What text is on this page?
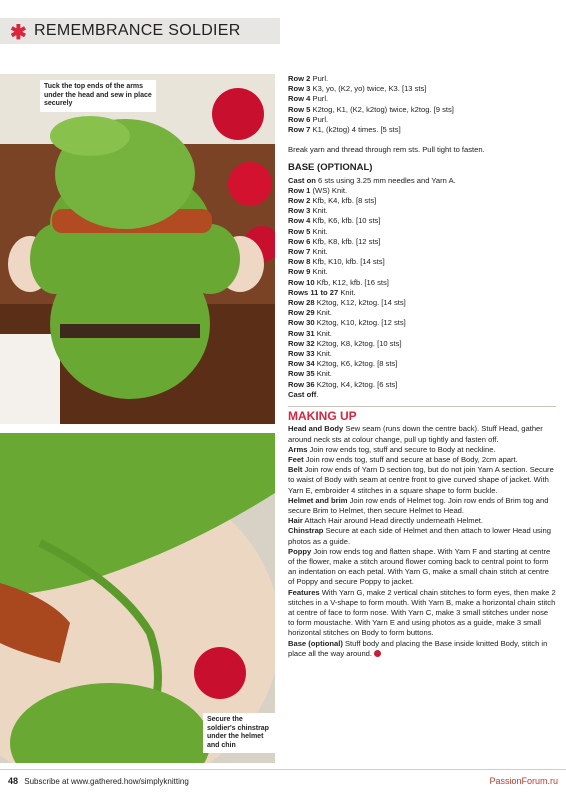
✱ REMEMBRANCE SOLDIER
Tuck the top ends of the arms under the head and sew in place securely
Secure the soldier's chinstrap under the helmet and chin
Row 2 Purl.
Row 3 K3, yo, (K2, yo) twice, K3. [13 sts]
Row 4 Purl.
Row 5 K2tog, K1, (K2, k2tog) twice, k2tog. [9 sts]
Row 6 Purl.
Row 7 K1, (k2tog) 4 times. [5 sts]
Break yarn and thread through rem sts. Pull tight to fasten.
BASE (OPTIONAL)
Cast on 6 sts using 3.25 mm needles and Yarn A.
Row 1 (WS) Knit.
Row 2 Kfb, K4, kfb. [8 sts]
Row 3 Knit.
Row 4 Kfb, K6, kfb. [10 sts]
Row 5 Knit.
Row 6 Kfb, K8, kfb. [12 sts]
Row 7 Knit.
Row 8 Kfb, K10, kfb. [14 sts]
Row 9 Knit.
Row 10 Kfb, K12, kfb. [16 sts]
Rows 11 to 27 Knit.
Row 28 K2tog, K12, k2tog. [14 sts]
Row 29 Knit.
Row 30 K2tog, K10, k2tog. [12 sts]
Row 31 Knit.
Row 32 K2tog, K8, k2tog. [10 sts]
Row 33 Knit.
Row 34 K2tog, K6, k2tog. [8 sts]
Row 35 Knit.
Row 36 K2tog, K4, k2tog. [6 sts]
Cast off.
MAKING UP

Head and Body Sew seam (runs down the centre back). Stuff Head, gather around neck sts at colour change, pull up tightly and fasten off.

Arms Join row ends tog, stuff and secure to Body at neckline.

Feet Join row ends tog, stuff and secure at base of Body, 2cm apart.

Belt Join row ends of Yarn D section tog, but do not join Yarn A section. Secure to waist of Body with seam at centre front to give curved shape of jacket. With Yarn E, embroider 4 stitches in a square shape to form buckle.

Helmet and brim Join row ends of Helmet tog. Join row ends of Brim tog and secure Brim to Helmet, then secure Helmet to Head.

Hair Attach Hair around Head directly underneath Helmet.

Chinstrap Secure at each side of Helmet and then attach to lower Head using photos as a guide.

Poppy Join row ends tog and flatten shape. With Yarn F and starting at centre of the flower, make a stitch around flower coming back to central point to form an indentation on each petal. With Yarn G, make a small chain stitch at centre of Poppy and secure Poppy to jacket.

Features With Yarn G, make 2 vertical chain stitches to form eyes, then make 2 stitches in a V-shape to form mouth. With Yarn B, make a horizontal chain stitch at centre of face to form nose. With Yarn C, make 3 small stitches under nose to form moustache. With Yarn E and using photos as a guide, make 3 small horizontal stitches on Body to form buttons.

Base (optional) Stuff body and placing the Base inside knitted Body, stitch in place all the way around.

48 Subscribe at www.gathered.how/simplyknitting	PassionForum.ru
